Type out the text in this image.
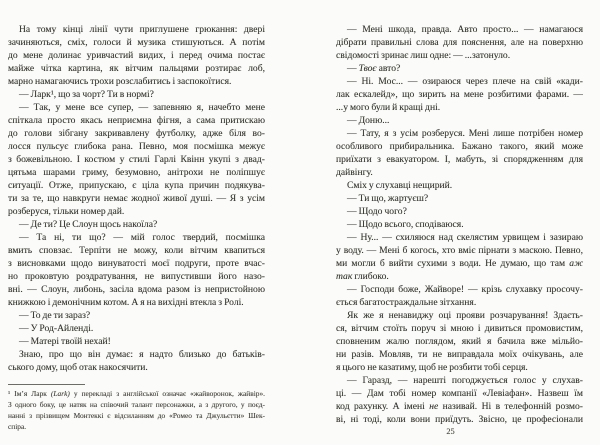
На тому кінці лінії чути приглушене грюкання: двері
зачиняються, сміх, голоси й музика стишуються. А потім
до мене долинає уривчастий видих, і перед очима постає
майже чітка картина, як вітчим пальцями розтирає лоб,
марно намагаючись трохи розслабитись і заспокоїтися.
— Ларк¹, що за чорт? Ти в нормі?
— Так, у мене все супер, — запевняю я, начебто мене
спіткала просто якась неприємна фігня, а сама притискаю
до голови зібгану закривавлену футболку, адже біля во-
лосся пульсує глибока рана. Певно, моя посмішка межує
з божевільною. І костюм у стилі Гарлі Квінн укупі з двад-
цятьма шарами гриму, безумовно, анітрохи не поліпшує
ситуації. Отже, припускаю, є ціла купа причин подякува-
ти за те, що навкруги немає жодної живої душі. — Я з усім
розберуся, тільки номер дай.
— Де ти? Це Слоун щось накоїла?
— Та ні, ти що? — мій голос твердий, посмішка
вмить сповзає. Терпіти не можу, коли вітчим квапиться
з висновками щодо винуватості моєї подруги, проте вчас-
но проковтую роздратування, не випустивши його назо-
вні. — Слоун, либонь, засіла вдома разом із непристойною
книжкою і демонічним котом. А я на вихідні втекла з Ролі.
— То де ти зараз?
— У Род-Айленді.
— Матері твоїй нехай!
Знаю, про що він думає: я надто близько до батьків-
ського дому, щоб отак накосячити.
— Мені шкода, правда. Авто просто... — намагаюся
дібрати правильні слова для пояснення, але на поверхню
свідомості зринає лиш одне: — ...затонуло.
— Твоє авто?
— Ні. Мос... — озираюся через плече на свій «кади-
лак ескалейд», що зирить на мене розбитими фарами. —
...у мого були й кращі дні.
— Доню...
— Тату, я з усім розберуся. Мені лише потрібен номер
особливого прибиральника. Бажано такого, який може
приїхати з евакуатором. І, мабуть, зі спорядженням для
дайвінгу.
Сміх у слухавці нещирий.
— Ти що, жартуєш?
— Щодо чого?
— Щодо всього, сподіваюся.
— Ну... — схиляюся над скелястим урвищем і зазираю
у воду. — Мені б когось, хто вміє пірнати з маскою. Певно,
ми могли б вийти сухими з води. Не думаю, що там аж
так глибоко.
— Господи боже, Жайворе! — крізь слухавку просочу-
ється багатостраждальне зітхання.
Як же я ненавиджу оці прояви розчарування! Здаєть-
ся, вітчим стоїть поруч зі мною і дивиться промовистим,
сповненим жалю поглядом, який я бачила вже мільйо-
ни разів. Мовляв, ти не виправдала моїх очікувань, але
я цього не казатиму, щоб не розбити тобі серця.
— Гаразд, — нарешті погоджується голос у слухав-
ці. — Дам тобі номер компанії «Левіафан». Назвеш їм
код рахунку. А імені не називай. Ні в телефонній розмо-
ві, ні тоді, коли вони приїдуть. Звісно, це професіонали
¹ Ім’я Ларк (Lark) у перекладі з англійської означає «жайворонок, жайвір».
З одного боку, це натяк на співочий талант персонажки, а з другого, у поєд-
нанні з прізвищем Монтеккі є відсиланням до «Ромео та Джульєтти» Шек-
спіра.
25
